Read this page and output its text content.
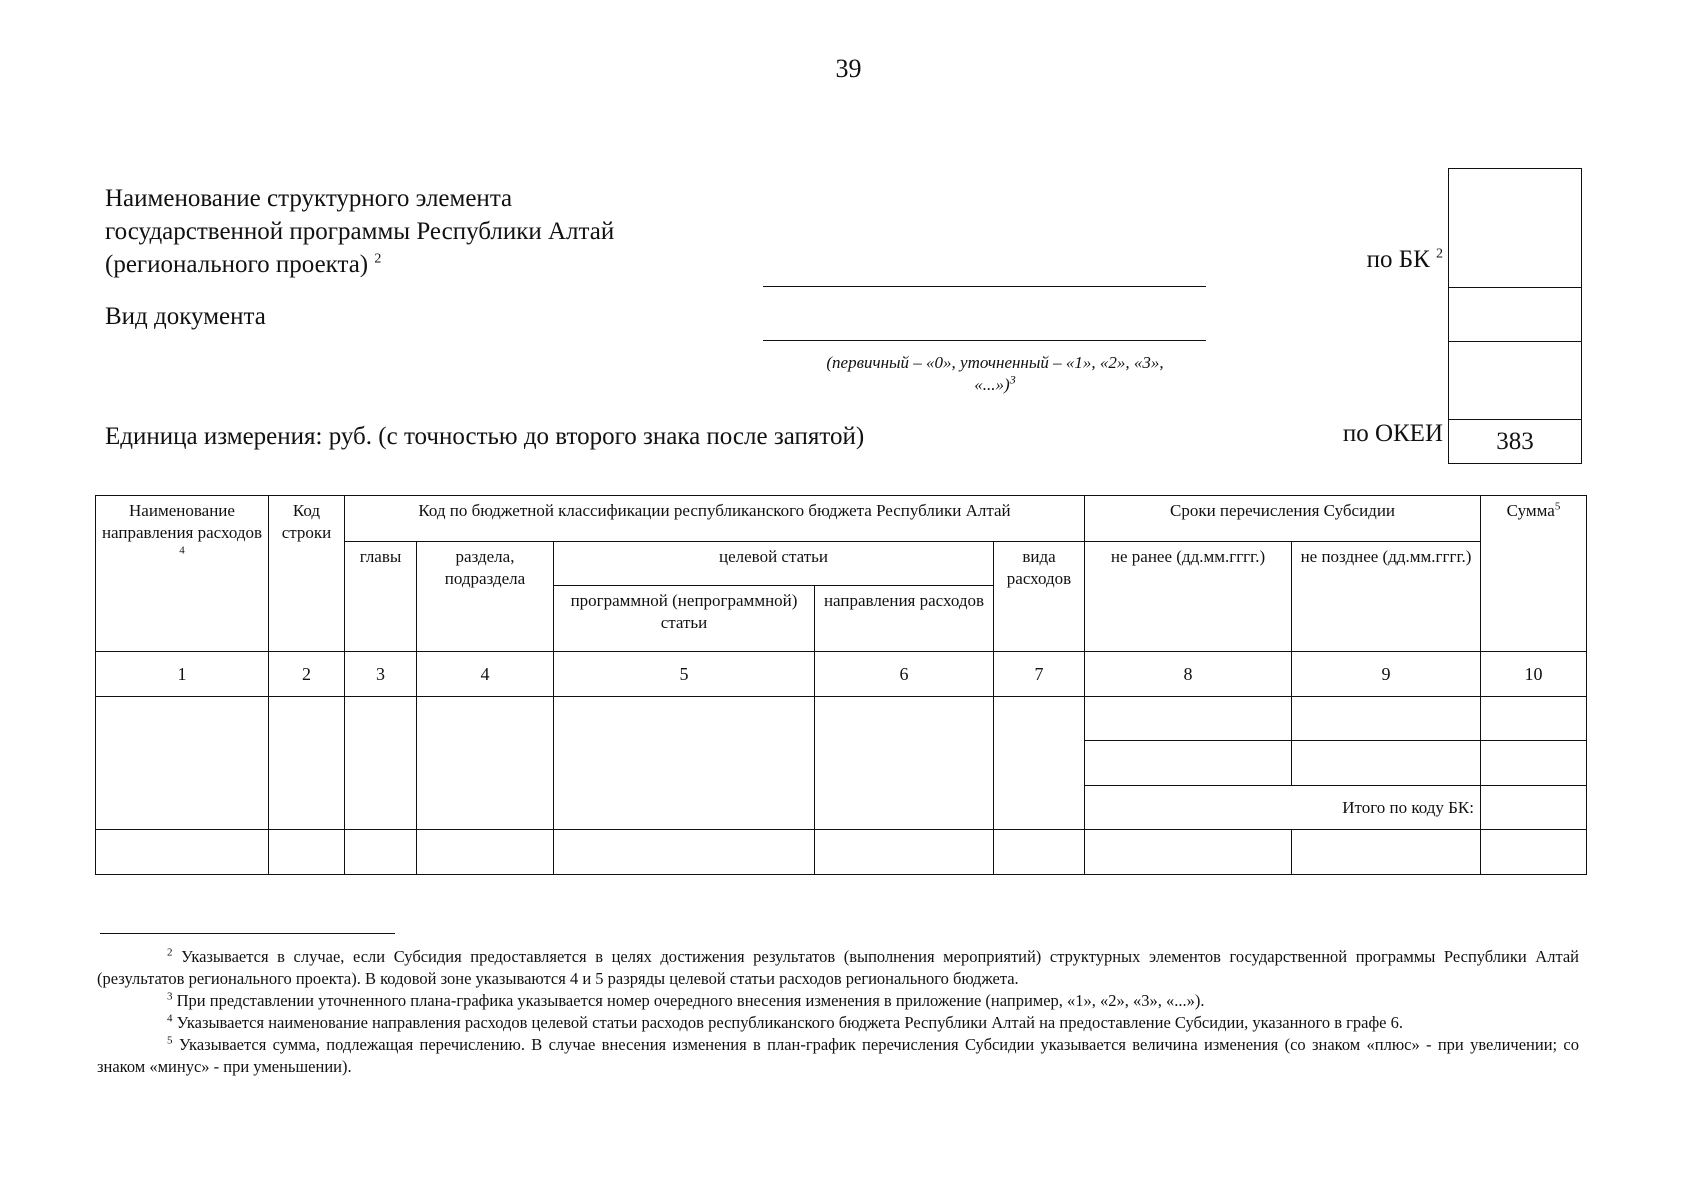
39
Наименование структурного элемента
государственной программы Республики Алтай
(регионального проекта) $^2$
Вид документа
(первичный – «0», уточненный – «1», «2», «3»,
«...»)$^3$
Единица измерения: руб. (с точностью до второго знака после запятой)
по БК $^2$
по ОКЕИ	383
Наименование направления расходов $^4$	Код строки	Код по бюджетной классификации республиканского бюджета Республики Алтай					Сроки перечисления Субсидии		Сумма$^5$
		главы	раздела, подраздела	целевой статьи		вида расходов	не ранее (дд.мм.гггг.)	не позднее (дд.мм.гггг.)	
				программной (непрограммной) статьи	направления расходов				
1	2	3	4	5	6	7	8	9	10

							Итого по коду БК:		

$^2$ Указывается в случае, если Субсидия предоставляется в целях достижения результатов (выполнения мероприятий) структурных элементов государственной программы Республики Алтай (результатов регионального проекта). В кодовой зоне указываются 4 и 5 разряды целевой статьи расходов регионального бюджета.

$^3$ При представлении уточненного плана-графика указывается номер очередного внесения изменения в приложение (например, «1», «2», «3», «...»).

$^4$ Указывается наименование направления расходов целевой статьи расходов республиканского бюджета Республики Алтай на предоставление Субсидии, указанного в графе 6.

$^5$ Указывается сумма, подлежащая перечислению. В случае внесения изменения в план-график перечисления Субсидии указывается величина изменения (со знаком «плюс» - при увеличении; со знаком «минус» - при уменьшении).
